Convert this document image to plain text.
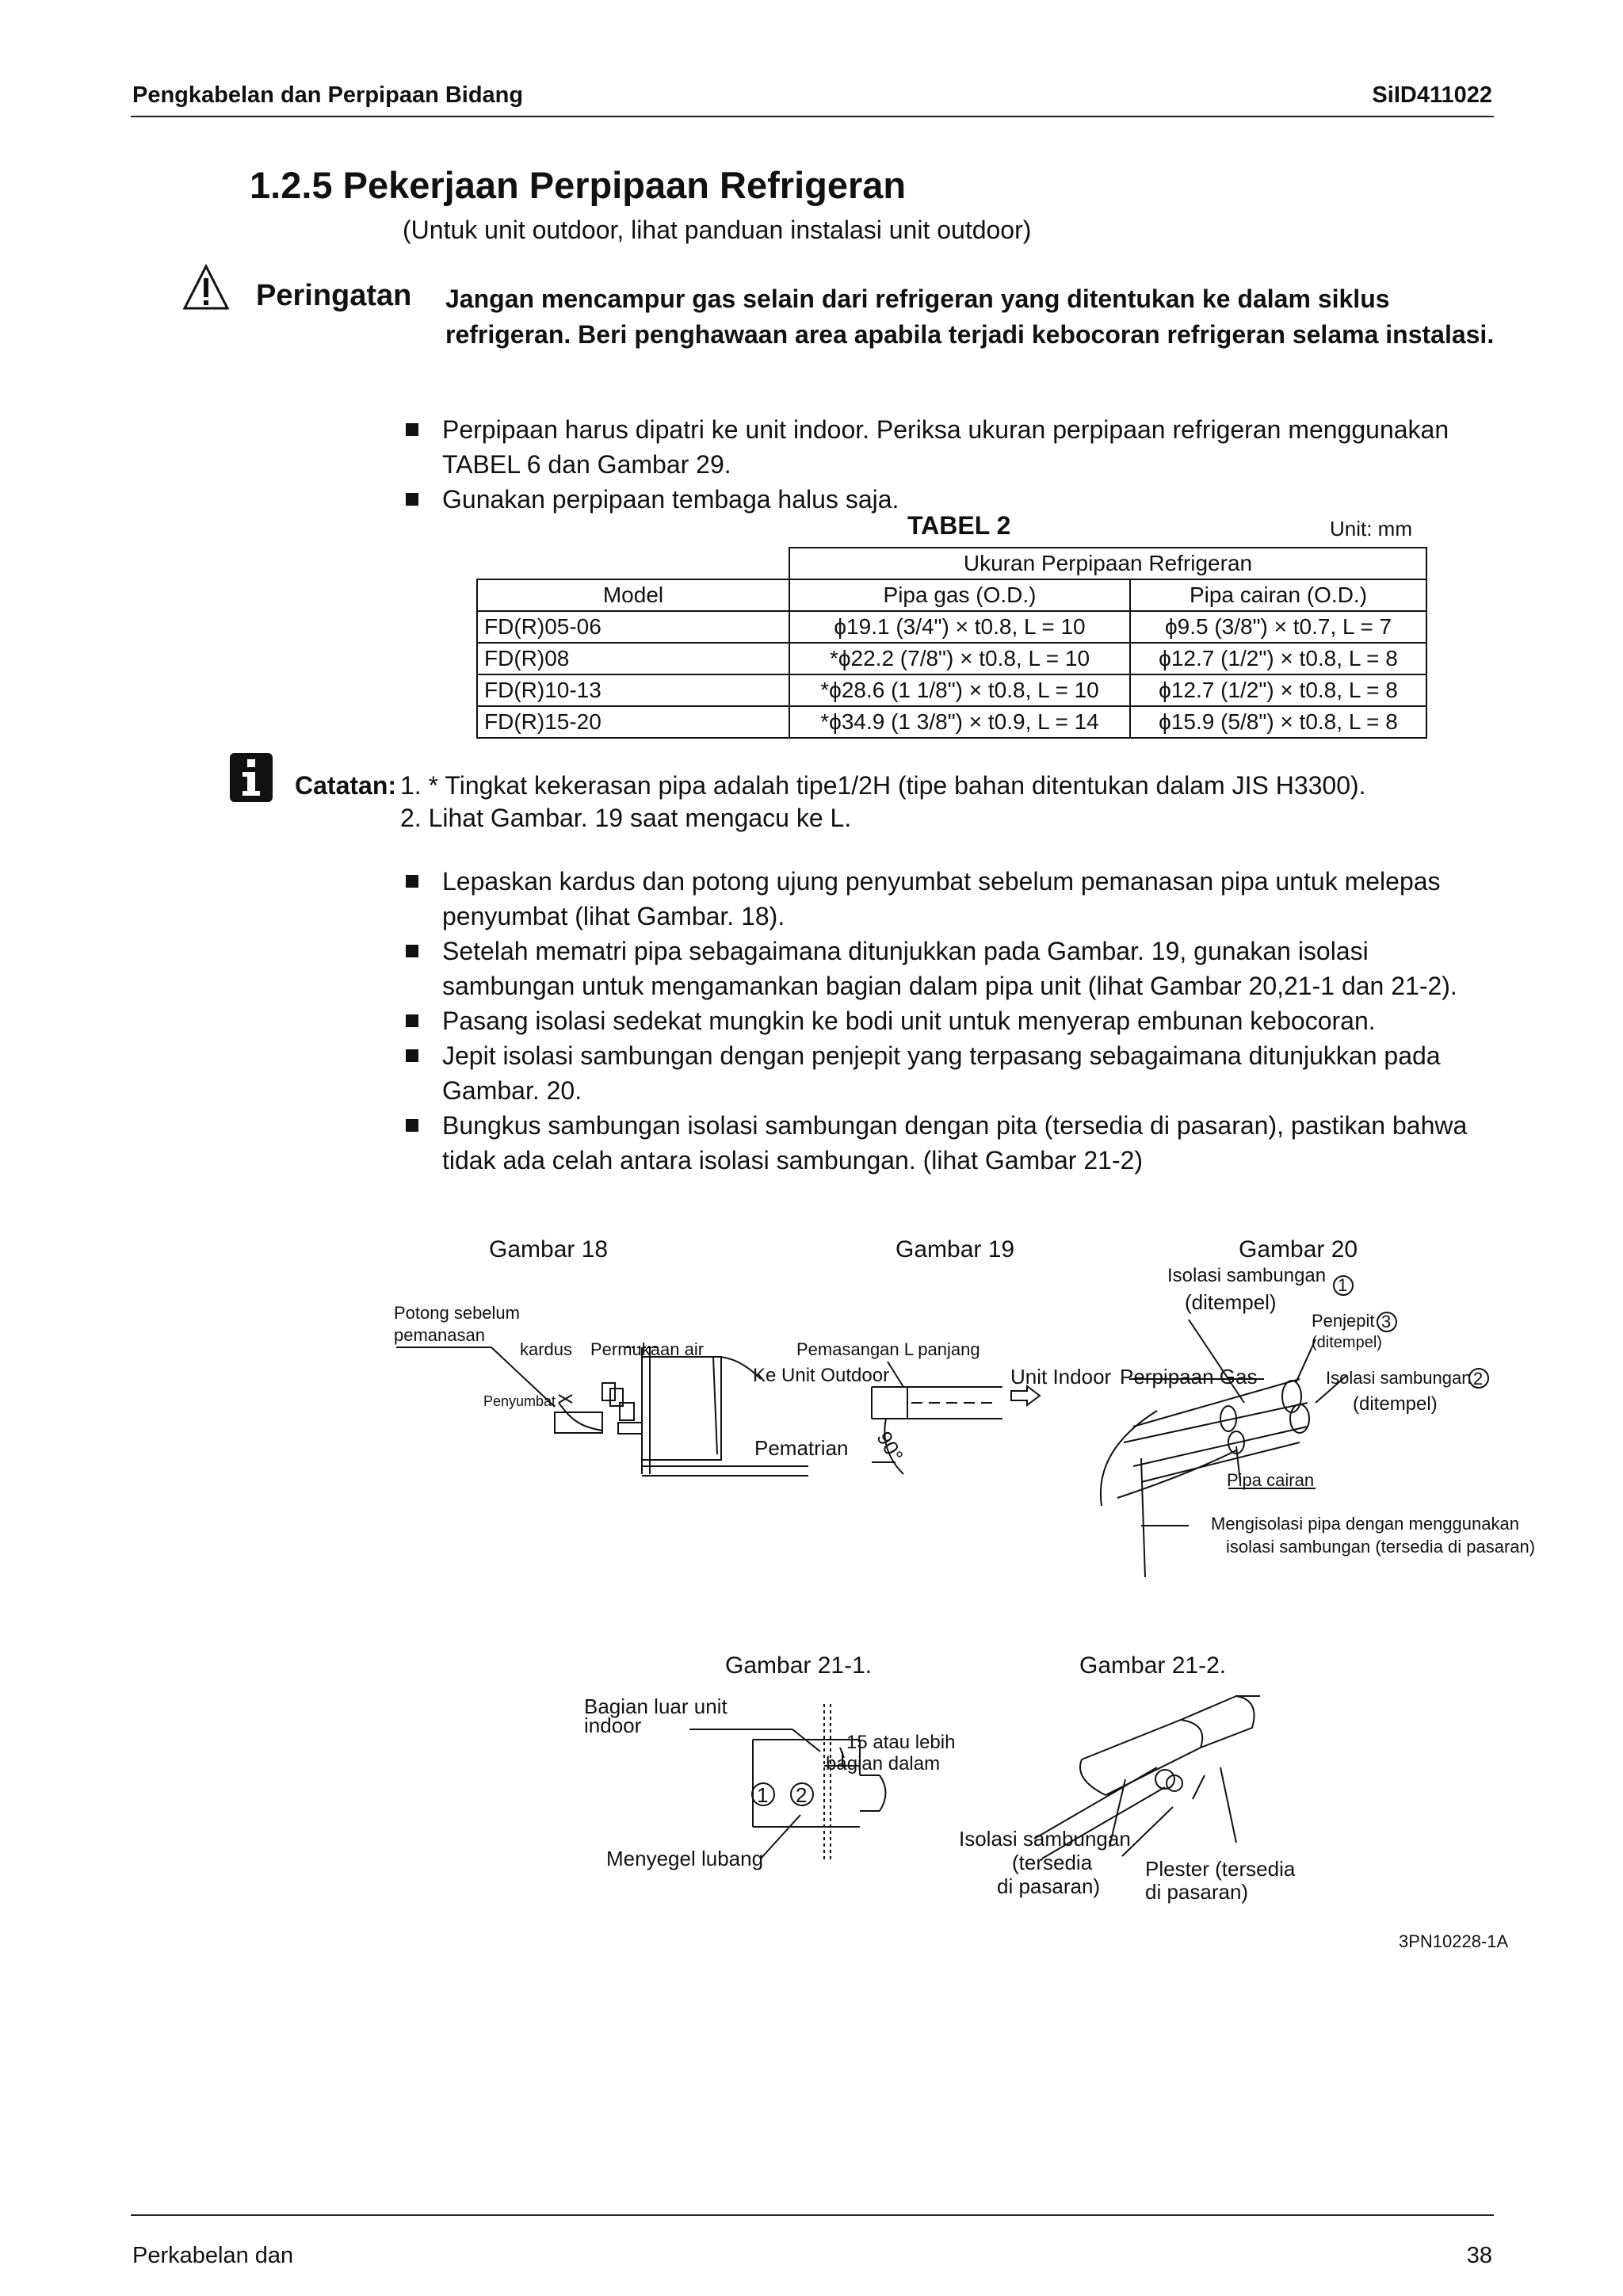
Pengkabelan dan Perpipaan Bidang	SiID411022
1.2.5 Pekerjaan Perpipaan Refrigeran
(Untuk unit outdoor, lihat panduan instalasi unit outdoor)
Peringatan Jangan mencampur gas selain dari refrigeran yang ditentukan ke dalam siklus refrigeran. Beri penghawaan area apabila terjadi kebocoran refrigeran selama instalasi.
Perpipaan harus dipatri ke unit indoor. Periksa ukuran perpipaan refrigeran menggunakan TABEL 6 dan Gambar 29.
Gunakan perpipaan tembaga halus saja.
TABEL 2	Unit: mm
	Ukuran Perpipaan Refrigeran	
Model	Pipa gas (O.D.)	Pipa cairan (O.D.)
FD(R)05-06	ϕ19.1 (3/4") × t0.8, L = 10	ϕ9.5 (3/8") × t0.7, L = 7
FD(R)08	*ϕ22.2 (7/8") × t0.8, L = 10	ϕ12.7 (1/2") × t0.8, L = 8
FD(R)10-13	*ϕ28.6 (1 1/8") × t0.8, L = 10	ϕ12.7 (1/2") × t0.8, L = 8
FD(R)15-20	*ϕ34.9 (1 3/8") × t0.9, L = 14	ϕ15.9 (5/8") × t0.8, L = 8
Catatan: 1. * Tingkat kekerasan pipa adalah tipe1/2H (tipe bahan ditentukan dalam JIS H3300).
2. Lihat Gambar. 19 saat mengacu ke L.
Lepaskan kardus dan potong ujung penyumbat sebelum pemanasan pipa untuk melepas penyumbat (lihat Gambar. 18).
Setelah mematri pipa sebagaimana ditunjukkan pada Gambar. 19, gunakan isolasi sambungan untuk mengamankan bagian dalam pipa unit (lihat Gambar 20,21-1 dan 21-2).
Pasang isolasi sedekat mungkin ke bodi unit untuk menyerap embunan kebocoran.
Jepit isolasi sambungan dengan penjepit yang terpasang sebagaimana ditunjukkan pada Gambar. 20.
Bungkus sambungan isolasi sambungan dengan pita (tersedia di pasaran), pastikan bahwa tidak ada celah antara isolasi sambungan. (lihat Gambar 21-2)
Gambar 18
Potong sebelum
pemanasan
kardus Permukaan air
Penyumbat
Gambar 19
Pemasangan L panjang
Ke Unit Outdoor	Unit Indoor
Pematrian 90°
Gambar 20
Isolasi sambungan 1
(ditempel)
Penjepit 3
(ditempel)
Perpipaan Gas	Isolasi sambungan 2
(ditempel)
Pipa cairan
Mengisolasi pipa dengan menggunakan
isolasi sambungan (tersedia di pasaran)
Gambar 21-1.
Bagian luar unit
indoor
15 atau lebih
bagian dalam
1 2
Menyegel lubang
Gambar 21-2.
Isolasi sambungan
(tersedia
di pasaran)
Plester (tersedia
di pasaran)
3PN10228-1A
Perkabelan dan	38
